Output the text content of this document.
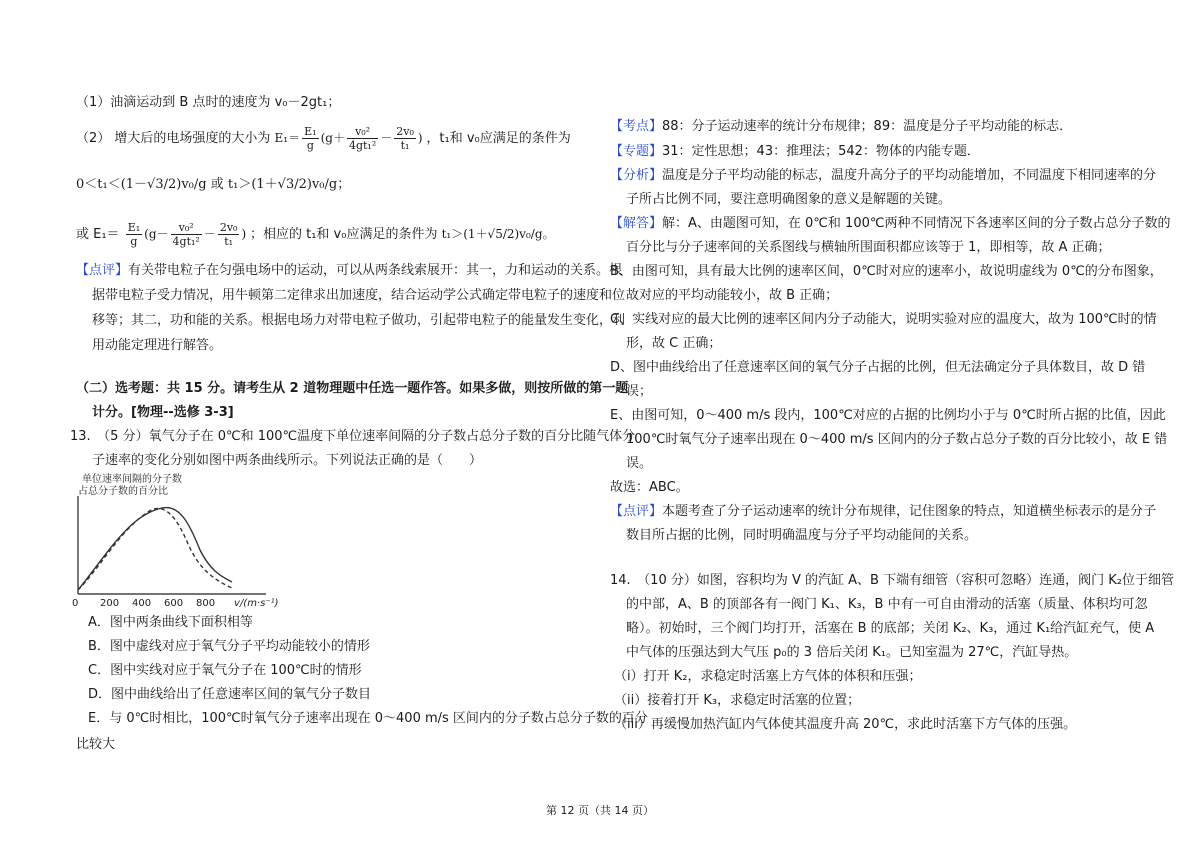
（1）油滴运动到 B 点时的速度为 v₀－2gt₁；
（2） 增大后的电场强度的大小为 $E_1= \frac{\text{E₁}}{g} (g+ \frac{\text{v₀²}}{\text{4gt₁²}} - \frac{\text{2v₀}}{\text{t₁}}$ ) ，t₁和 v₀应满足的条件为
0＜t₁＜(1－√3/2)v₀/g 或 t₁＞(1＋√3/2)v₀/g；
或 $E_1= \frac{\text{E₁}}{g} (g- \frac{\text{v₀²}}{\text{4gt₁²}} - \frac{\text{2v₀}}{\text{t₁}}$ ) ；相应的 t₁和 v₀应满足的条件为 t₁＞(1＋√5/2)v₀/g。
【点评】有关带电粒子在匀强电场中的运动，可以从两条线索展开：其一，力和运动的关系。根
据带电粒子受力情况，用牛顿第二定律求出加速度，结合运动学公式确定带电粒子的速度和位
移等；其二，功和能的关系。根据电场力对带电粒子做功，引起带电粒子的能量发生变化，利
用动能定理进行解答。
（二）选考题：共 15 分。请考生从 2 道物理题中任选一题作答。如果多做，则按所做的第一题
计分。[物理--选修 3-3]
13.　（5 分）氧气分子在 0℃和 100℃温度下单位速率间隔的分子数占总分子数的百分比随气体分
子速率的变化分别如图中两条曲线所示。下列说法正确的是（　　）
单位速率间隔的分子数
占总分子数的百分比
0 200 400 600 800 v/(m·s⁻¹)
A．图中两条曲线下面积相等
B．图中虚线对应于氧气分子平均动能较小的情形
C．图中实线对应于氧气分子在 100℃时的情形
D．图中曲线给出了任意速率区间的氧气分子数目
E．与 0℃时相比，100℃时氧气分子速率出现在 0～400 m/s 区间内的分子数占总分子数的百分
比较大
【考点】88：分子运动速率的统计分布规律；89：温度是分子平均动能的标志．
【专题】31：定性思想；43：推理法；542：物体的内能专题．
【分析】温度是分子平均动能的标志，温度升高分子的平均动能增加，不同温度下相同速率的分
子所占比例不同，要注意明确图象的意义是解题的关键。
【解答】解：A、由题图可知，在 0℃和 100℃两种不同情况下各速率区间的分子数占总分子数的
百分比与分子速率间的关系图线与横轴所围面积都应该等于 1，即相等，故 A 正确；
B、由图可知，具有最大比例的速率区间，0℃时对应的速率小，故说明虚线为 0℃的分布图象，
故对应的平均动能较小，故 B 正确；
C、实线对应的最大比例的速率区间内分子动能大，说明实验对应的温度大，故为 100℃时的情
形，故 C 正确；
D、图中曲线给出了任意速率区间的氧气分子占据的比例，但无法确定分子具体数目，故 D 错
误；
E、由图可知，0～400 m/s 段内，100℃对应的占据的比例均小于与 0℃时所占据的比值，因此
100℃时氧气分子速率出现在 0～400 m/s 区间内的分子数占总分子数的百分比较小，故 E 错
误。
故选：ABC。
【点评】本题考查了分子运动速率的统计分布规律，记住图象的特点，知道横坐标表示的是分子
数目所占据的比例，同时明确温度与分子平均动能间的关系。
14.　（10 分）如图，容积均为 V 的汽缸 A、B 下端有细管（容积可忽略）连通，阀门 K₂位于细管
的中部，A、B 的顶部各有一阀门 K₁、K₃，B 中有一可自由滑动的活塞（质量、体积均可忽
略）。初始时，三个阀门均打开，活塞在 B 的底部；关闭 K₂、K₃，通过 K₁给汽缸充气，使 A
中气体的压强达到大气压 p₀的 3 倍后关闭 K₁。已知室温为 27℃，汽缸导热。
（i）打开 K₂，求稳定时活塞上方气体的体积和压强；
（ii）接着打开 K₃，求稳定时活塞的位置；
（iii）再缓慢加热汽缸内气体使其温度升高 20℃，求此时活塞下方气体的压强。
第 12 页（共 14 页）
